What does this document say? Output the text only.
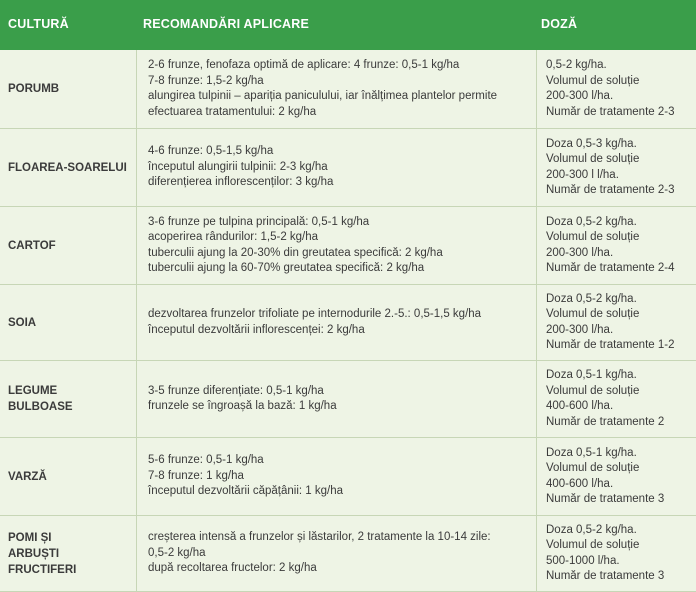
CULTURĂ	RECOMANDĂRI APLICARE	DOZĂ
PORUMB
2-6 frunze, fenofaza optimă de aplicare: 4 frunze: 0,5-1 kg/ha
7-8 frunze: 1,5-2 kg/ha
alungirea tulpinii – apariția paniculului, iar înălțimea plantelor permite
efectuarea tratamentului: 2 kg/ha
0,5-2 kg/ha.
Volumul de soluție
200-300 l/ha.
Număr de tratamente 2-3
FLOAREA-SOARELUI
4-6 frunze: 0,5-1,5 kg/ha
începutul alungirii tulpinii: 2-3 kg/ha
diferențierea inflorescenților: 3 kg/ha
Doza 0,5-3 kg/ha.
Volumul de soluție
200-300 l l/ha.
Număr de tratamente 2-3
CARTOF
3-6 frunze pe tulpina principală: 0,5-1 kg/ha
acoperirea rândurilor: 1,5-2 kg/ha
tuberculii ajung la 20-30% din greutatea specifică: 2 kg/ha
tuberculii ajung la 60-70% greutatea specifică: 2 kg/ha
Doza 0,5-2 kg/ha.
Volumul de soluție
200-300 l/ha.
Număr de tratamente 2-4
SOIA
dezvoltarea frunzelor trifoliate pe internodurile 2.-5.: 0,5-1,5 kg/ha
începutul dezvoltării inflorescenței: 2 kg/ha
Doza 0,5-2 kg/ha.
Volumul de soluție
200-300 l/ha.
Număr de tratamente 1-2
LEGUME
BULBOASE
3-5 frunze diferențiate: 0,5-1 kg/ha
frunzele se îngroașă la bază: 1 kg/ha
Doza 0,5-1 kg/ha.
Volumul de soluție
400-600 l/ha.
Număr de tratamente 2
VARZĂ
5-6 frunze: 0,5-1 kg/ha
7-8 frunze: 1 kg/ha
începutul dezvoltării căpățânii: 1 kg/ha
Doza 0,5-1 kg/ha.
Volumul de soluție
400-600 l/ha.
Număr de tratamente 3
POMI ȘI
ARBUȘTI
FRUCTIFERI
creșterea intensă a frunzelor și lăstarilor, 2 tratamente la 10-14 zile:
0,5-2 kg/ha
după recoltarea fructelor: 2 kg/ha
Doza 0,5-2 kg/ha.
Volumul de soluție
500-1000 l/ha.
Număr de tratamente 3
